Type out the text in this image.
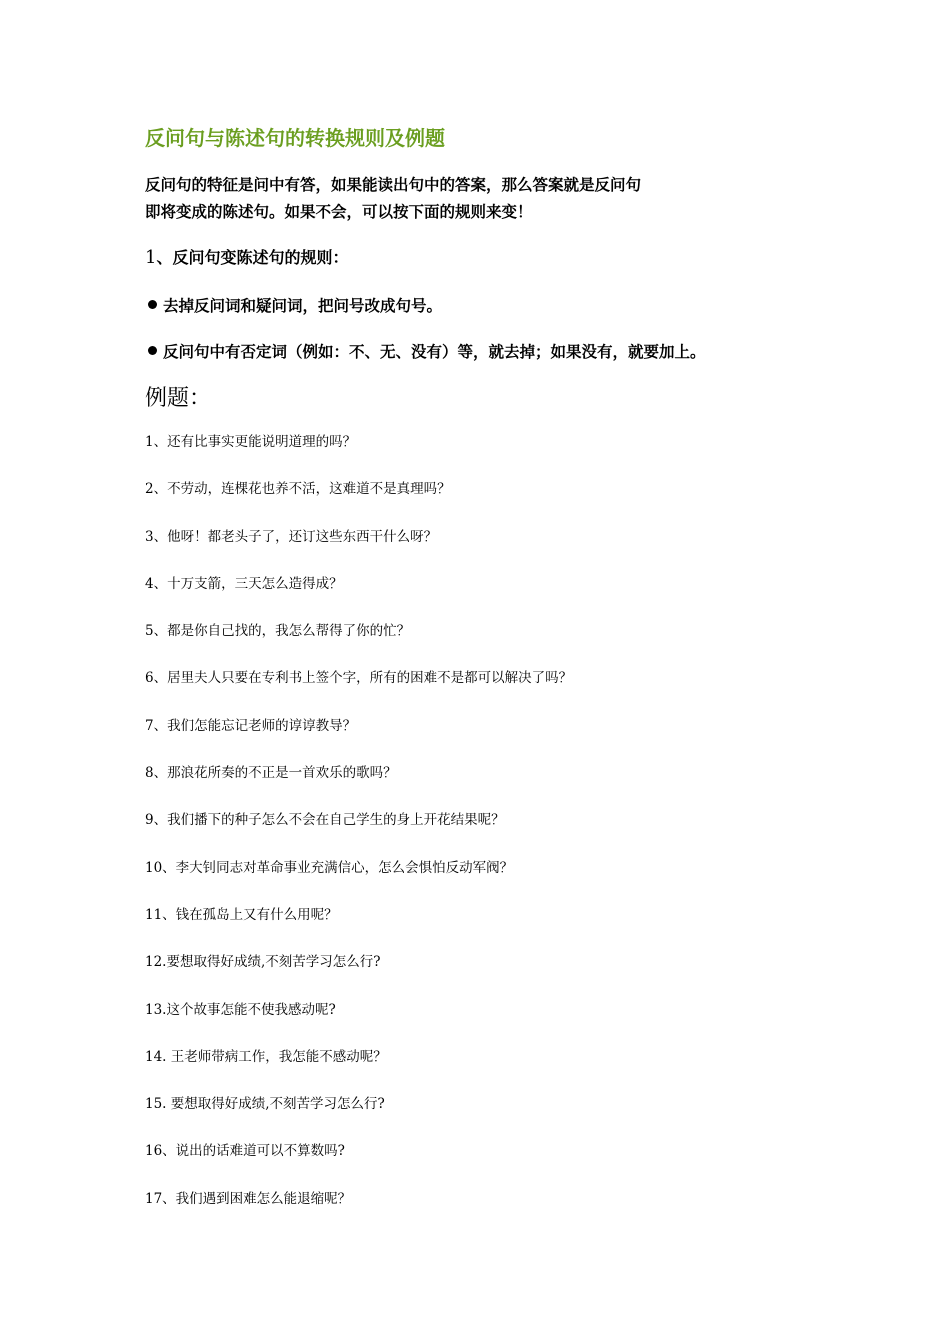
反问句与陈述句的转换规则及例题
反问句的特征是问中有答，如果能读出句中的答案，那么答案就是反问句
即将变成的陈述句。如果不会，可以按下面的规则来变！
1、反问句变陈述句的规则：
去掉反问词和疑问词，把问号改成句号。
反问句中有否定词（例如：不、无、没有）等，就去掉；如果没有，就要加上。
例题：
1、还有比事实更能说明道理的吗？
2、不劳动，连棵花也养不活，这难道不是真理吗？
3、他呀！都老头子了，还订这些东西干什么呀？
4、十万支箭，三天怎么造得成？
5、都是你自己找的，我怎么帮得了你的忙？
6、居里夫人只要在专利书上签个字，所有的困难不是都可以解决了吗？
7、我们怎能忘记老师的谆谆教导？
8、那浪花所奏的不正是一首欢乐的歌吗？
9、我们播下的种子怎么不会在自己学生的身上开花结果呢？
10、李大钊同志对革命事业充满信心，怎么会惧怕反动军阀？
11、钱在孤岛上又有什么用呢？
12.要想取得好成绩,不刻苦学习怎么行?
13.这个故事怎能不使我感动呢?
14. 王老师带病工作，我怎能不感动呢？
15. 要想取得好成绩,不刻苦学习怎么行?
16、说出的话难道可以不算数吗?
17、我们遇到困难怎么能退缩呢？
